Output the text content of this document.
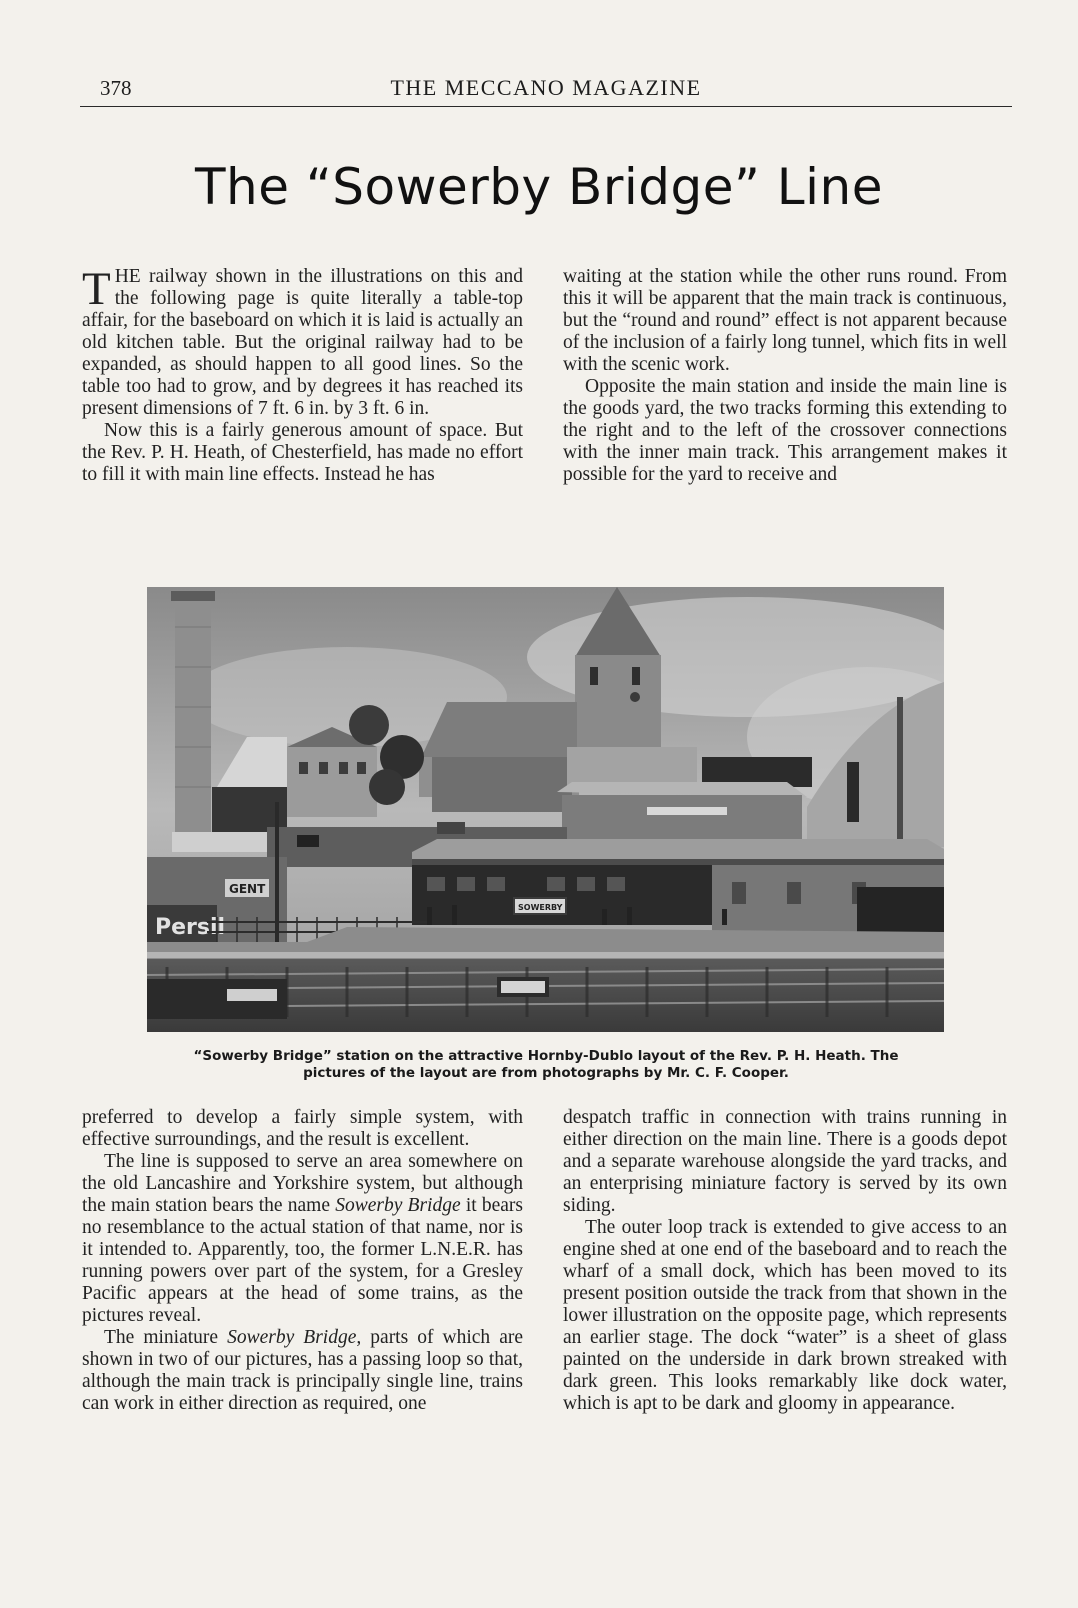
378	THE MECCANO MAGAZINE
The “Sowerby Bridge” Line

THE railway shown in the illustrations on this and the following page is quite literally a table-top affair, for the baseboard on which it is laid is actually an old kitchen table. But the original railway had to be expanded, as should happen to all good lines. So the table too had to grow, and by degrees it has reached its present dimensions of 7 ft. 6 in. by 3 ft. 6 in.

Now this is a fairly generous amount of space. But the Rev. P. H. Heath, of Chesterfield, has made no effort to fill it with main line effects. Instead he has

waiting at the station while the other runs round. From this it will be apparent that the main track is continuous, but the “round and round” effect is not apparent because of the inclusion of a fairly long tunnel, which fits in well with the scenic work.

Opposite the main station and inside the main line is the goods yard, the two tracks forming this extending to the right and to the left of the crossover connections with the inner main track. This arrangement makes it possible for the yard to receive and

Persil
GENT
SOWERBY
“Sowerby Bridge” station on the attractive Hornby-Dublo layout of the Rev. P. H. Heath. The
pictures of the layout are from photographs by Mr. C. F. Cooper.

preferred to develop a fairly simple system, with effective surroundings, and the result is excellent.

The line is supposed to serve an area somewhere on the old Lancashire and Yorkshire system, but although the main station bears the name Sowerby Bridge it bears no resemblance to the actual station of that name, nor is it intended to. Apparently, too, the former L.N.E.R. has running powers over part of the system, for a Gresley Pacific appears at the head of some trains, as the pictures reveal.

The miniature Sowerby Bridge, parts of which are shown in two of our pictures, has a passing loop so that, although the main track is principally single line, trains can work in either direction as required, one

despatch traffic in connection with trains running in either direction on the main line. There is a goods depot and a separate warehouse alongside the yard tracks, and an enterprising miniature factory is served by its own siding.

The outer loop track is extended to give access to an engine shed at one end of the baseboard and to reach the wharf of a small dock, which has been moved to its present position outside the track from that shown in the lower illustration on the opposite page, which represents an earlier stage. The dock “water” is a sheet of glass painted on the underside in dark brown streaked with dark green. This looks remarkably like dock water, which is apt to be dark and gloomy in appearance.
